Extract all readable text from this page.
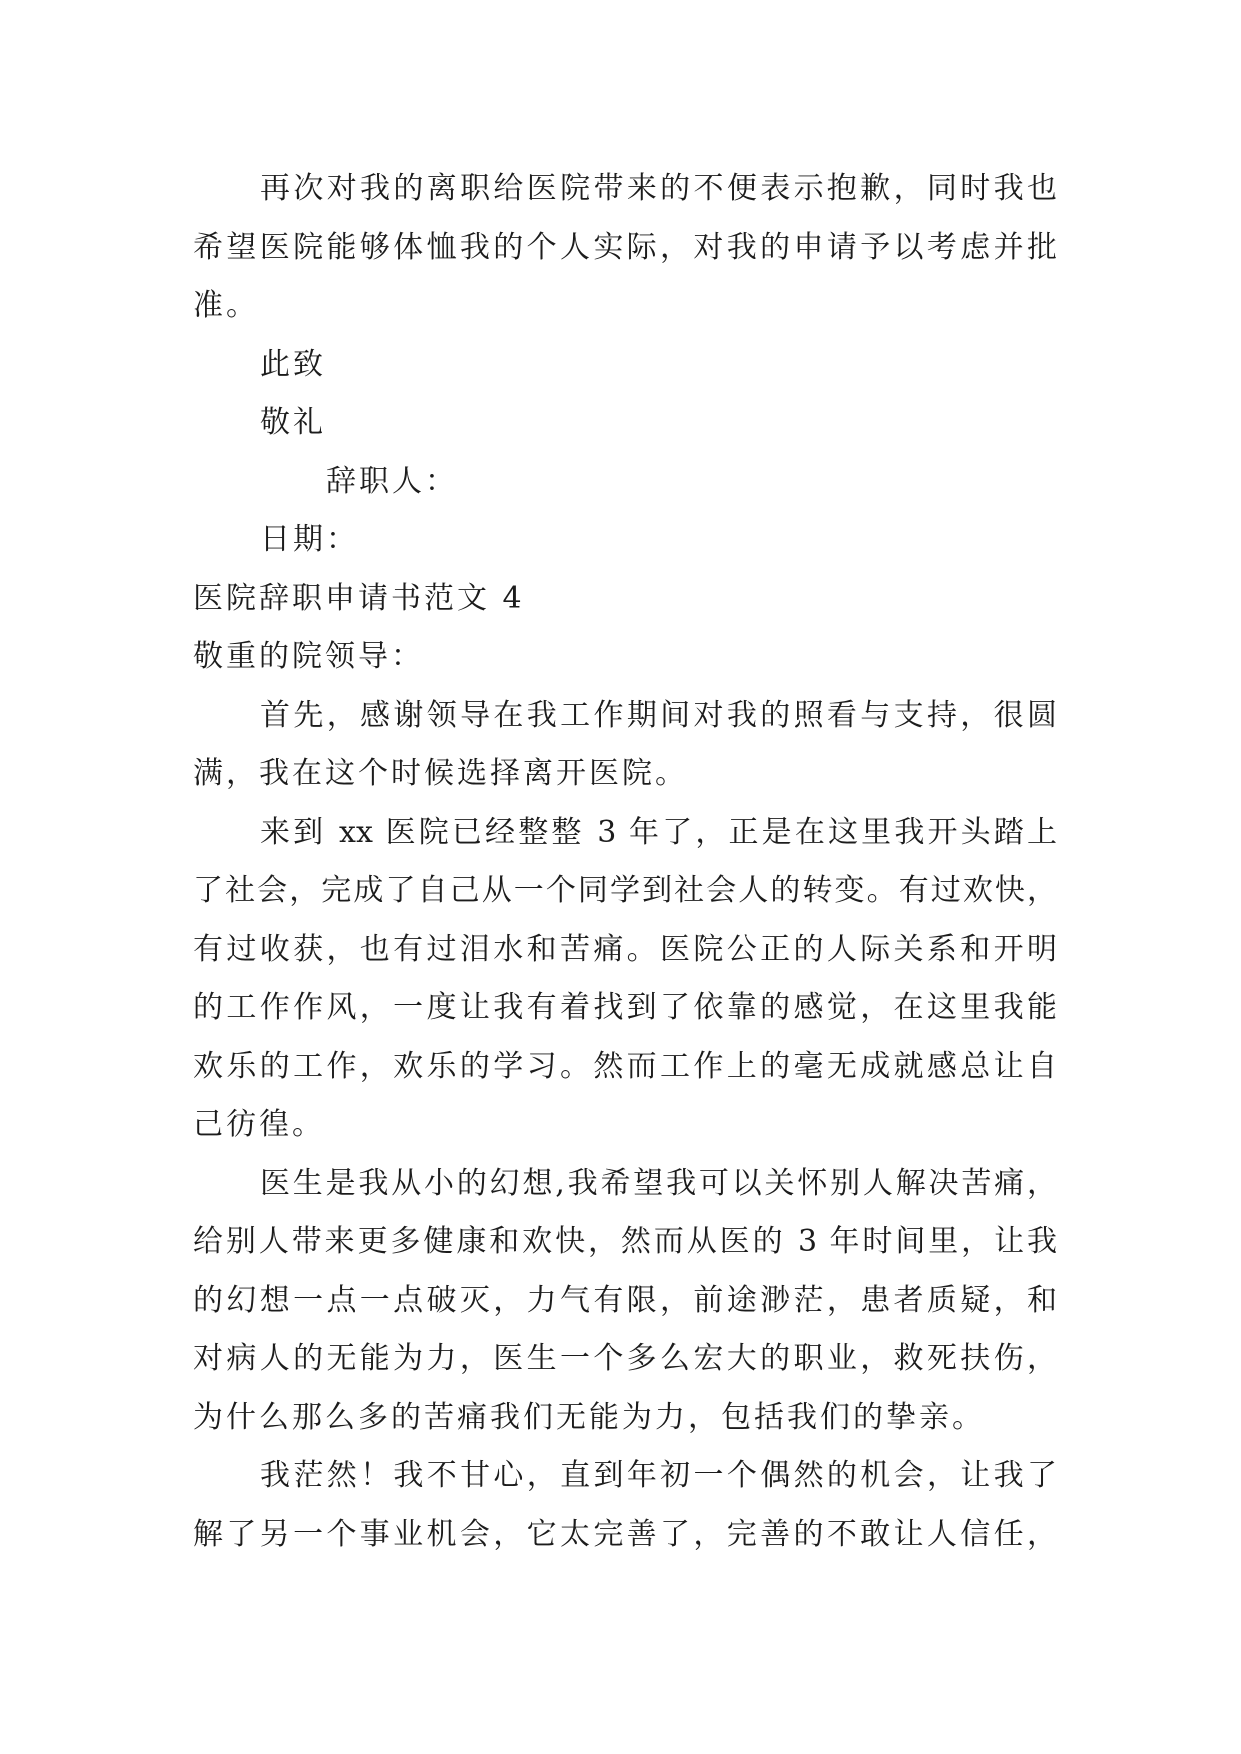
再次对我的离职给医院带来的不便表示抱歉，同时我也
希望医院能够体恤我的个人实际，对我的申请予以考虑并批
准。
此致
敬礼
辞职人：
日期：
医院辞职申请书范文 4
敬重的院领导：
首先，感谢领导在我工作期间对我的照看与支持，很圆
满，我在这个时候选择离开医院。
来到 xx 医院已经整整 3 年了，正是在这里我开头踏上
了社会，完成了自己从一个同学到社会人的转变。有过欢快，
有过收获，也有过泪水和苦痛。医院公正的人际关系和开明
的工作作风，一度让我有着找到了依靠的感觉，在这里我能
欢乐的工作，欢乐的学习。然而工作上的毫无成就感总让自
己彷徨。
医生是我从小的幻想,我希望我可以关怀别人解决苦痛，
给别人带来更多健康和欢快，然而从医的 3 年时间里，让我
的幻想一点一点破灭，力气有限，前途渺茫，患者质疑，和
对病人的无能为力，医生一个多么宏大的职业，救死扶伤，
为什么那么多的苦痛我们无能为力，包括我们的挚亲。
我茫然！我不甘心，直到年初一个偶然的机会，让我了
解了另一个事业机会，它太完善了，完善的不敢让人信任，
